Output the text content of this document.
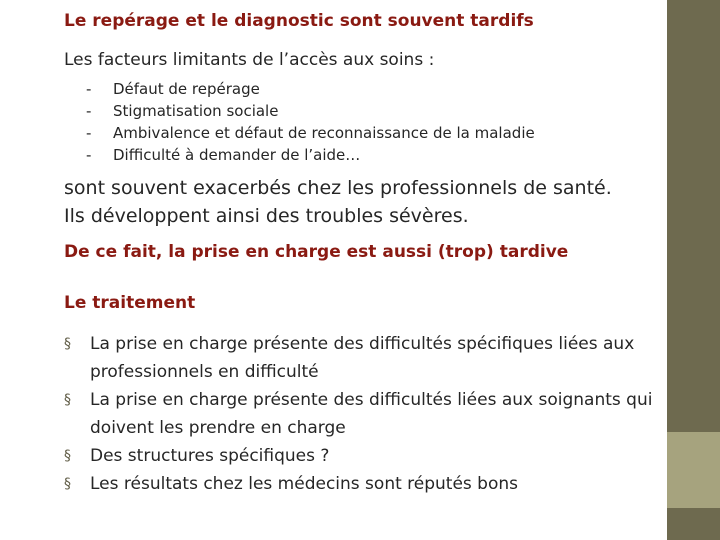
Le repérage et le diagnostic sont souvent tardifs
Les facteurs limitants de l’accès aux soins :
- Défaut de repérage
- Stigmatisation sociale
- Ambivalence et défaut de reconnaissance de la maladie
- Difficulté à demander de l’aide…
sont souvent exacerbés chez les professionnels de santé.
Ils développent ainsi des troubles sévères.
De ce fait, la prise en charge est aussi (trop) tardive
Le traitement
§	La prise en charge présente des difficultés spécifiques liées aux professionnels en difficulté
§	La prise en charge présente des difficultés liées aux soignants qui doivent les prendre en charge
§	Des structures spécifiques ?
§	Les résultats chez les médecins sont réputés bons
